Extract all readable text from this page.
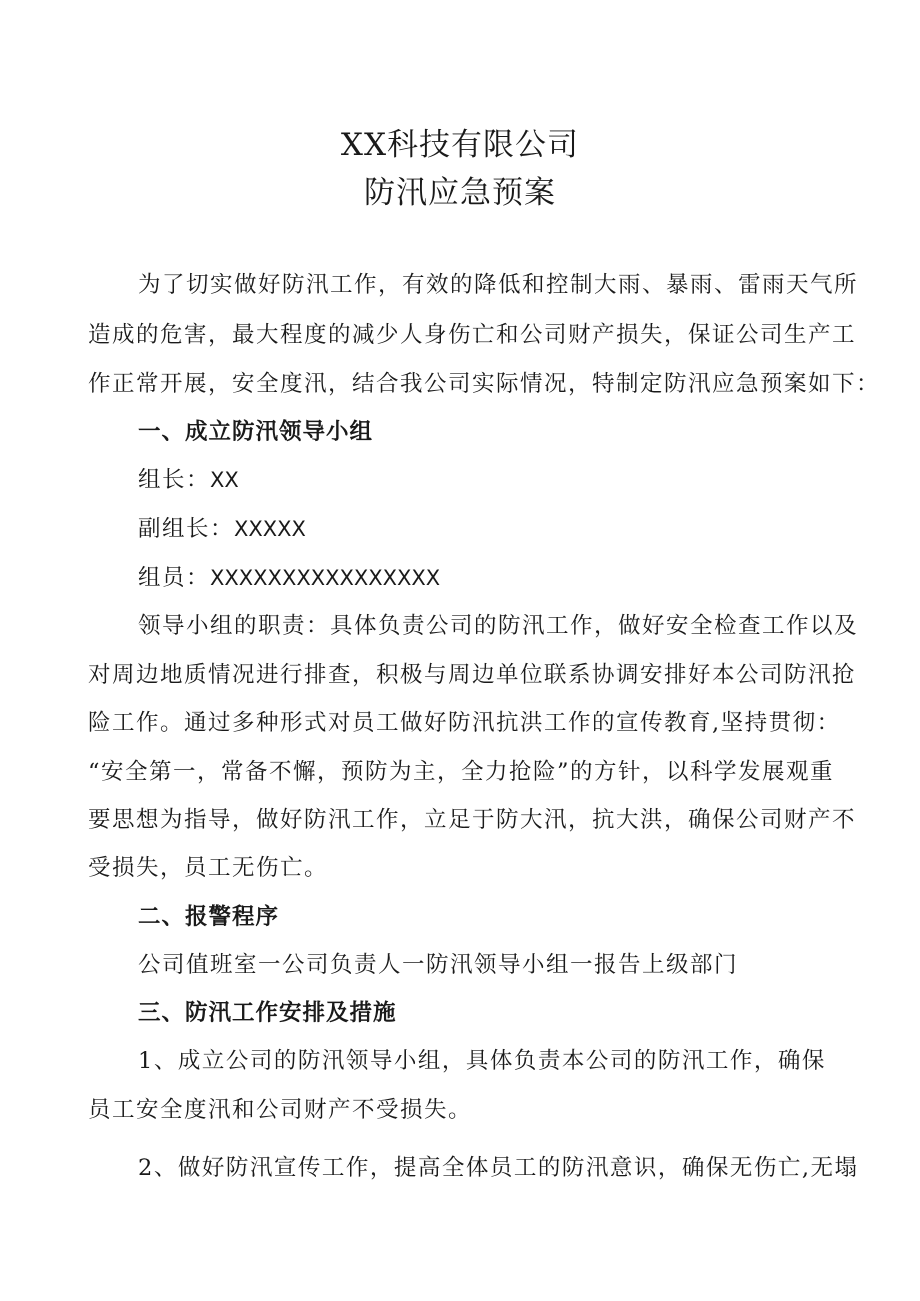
XX科技有限公司
防汛应急预案
为了切实做好防汛工作，有效的降低和控制大雨、暴雨、雷雨天气所
造成的危害，最大程度的减少人身伤亡和公司财产损失，保证公司生产工
作正常开展，安全度汛，结合我公司实际情况，特制定防汛应急预案如下：
一、成立防汛领导小组
组长：XX
副组长：XXXXX
组员：XXXXXXXXXXXXXXXX
领导小组的职责：具体负责公司的防汛工作，做好安全检查工作以及
对周边地质情况进行排查，积极与周边单位联系协调安排好本公司防汛抢
险工作。通过多种形式对员工做好防汛抗洪工作的宣传教育,坚持贯彻：
“安全第一，常备不懈，预防为主，全力抢险”的方针，以科学发展观重
要思想为指导，做好防汛工作，立足于防大汛，抗大洪，确保公司财产不
受损失，员工无伤亡。
二、报警程序
公司值班室一公司负责人一防汛领导小组一报告上级部门
三、防汛工作安排及措施
1、成立公司的防汛领导小组，具体负责本公司的防汛工作，确保
员工安全度汛和公司财产不受损失。
2、做好防汛宣传工作，提高全体员工的防汛意识，确保无伤亡,无塌
